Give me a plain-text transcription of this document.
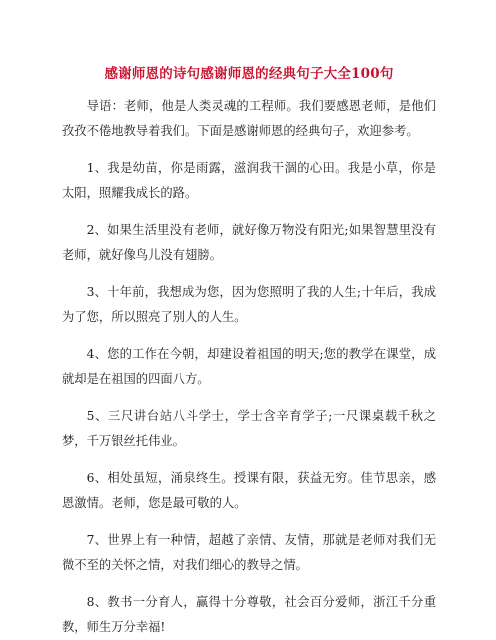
感谢师恩的诗句感谢师恩的经典句子大全100句

导语：老师，他是人类灵魂的工程师。我们要感恩老师，是他们孜孜不倦地教导着我们。下面是感谢师恩的经典句子，欢迎参考。

1、我是幼苗，你是雨露，滋润我干涸的心田。我是小草，你是太阳，照耀我成长的路。

2、如果生活里没有老师，就好像万物没有阳光;如果智慧里没有老师，就好像鸟儿没有翅膀。

3、十年前，我想成为您，因为您照明了我的人生;十年后，我成为了您，所以照亮了别人的人生。

4、您的工作在今朝，却建设着祖国的明天;您的教学在课堂，成就却是在祖国的四面八方。

5、三尺讲台站八斗学士，学士含辛育学子;一尺课桌载千秋之梦，千万银丝托伟业。

6、相处虽短，涌泉终生。授课有限，获益无穷。佳节思亲，感恩激情。老师，您是最可敬的人。

7、世界上有一种情，超越了亲情、友情，那就是老师对我们无微不至的关怀之情，对我们细心的教导之情。

8、教书一分育人，赢得十分尊敬，社会百分爱师，浙江千分重教，师生万分幸福!
